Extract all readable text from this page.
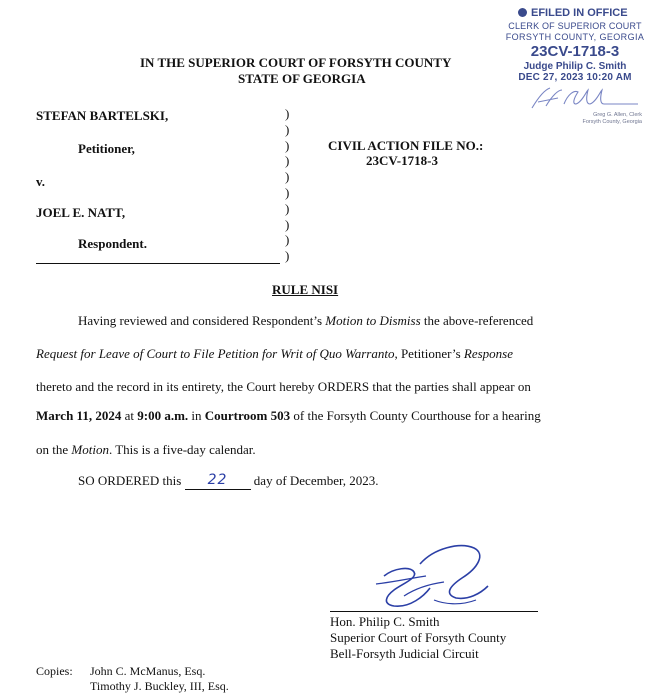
EFILED IN OFFICE
CLERK OF SUPERIOR COURT
FORSYTH COUNTY, GEORGIA
23CV-1718-3
Judge Philip C. Smith
DEC 27, 2023 10:20 AM
Greg G. Allen, Clerk
Forsyth County, Georgia
IN THE SUPERIOR COURT OF FORSYTH COUNTY
STATE OF GEORGIA
STEFAN BARTELSKI,
Petitioner,
v.
JOEL E. NATT,
Respondent.
)
)
)
)
)
)
)
)
)
)
CIVIL ACTION FILE NO.:
23CV-1718-3
RULE NISI
Having reviewed and considered Respondent’s Motion to Dismiss the above-referenced
Request for Leave of Court to File Petition for Writ of Quo Warranto, Petitioner’s Response
thereto and the record in its entirety, the Court hereby ORDERS that the parties shall appear on
March 11, 2024 at 9:00 a.m. in Courtroom 503 of the Forsyth County Courthouse for a hearing
on the Motion. This is a five-day calendar.
SO ORDERED this 22 day of December, 2023.
Hon. Philip C. Smith
Superior Court of Forsyth County
Bell-Forsyth Judicial Circuit
Copies: John C. McManus, Esq.
Timothy J. Buckley, III, Esq.
